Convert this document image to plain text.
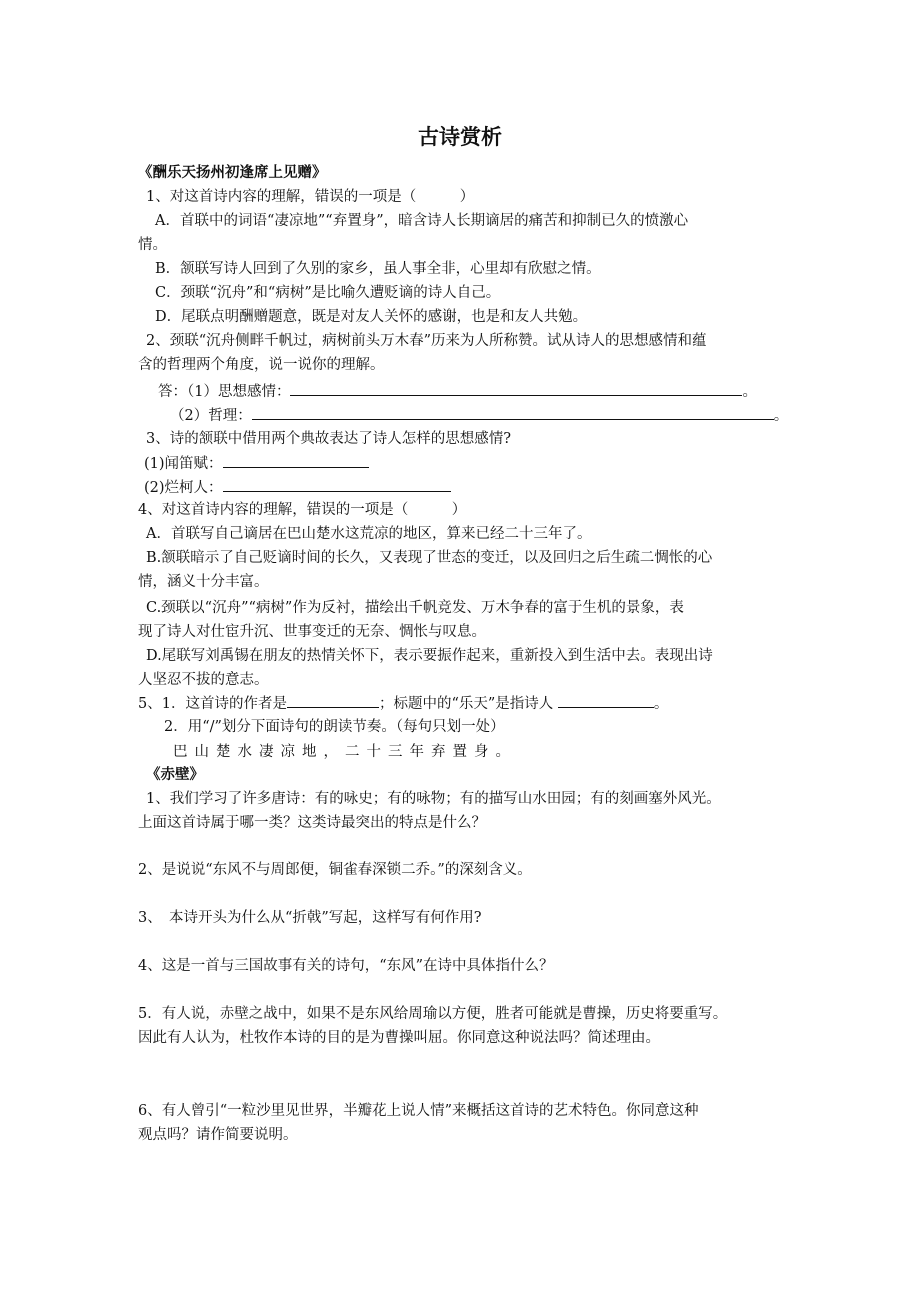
古诗赏析
《酬乐天扬州初逢席上见赠》
1、对这首诗内容的理解，错误的一项是（　　　）
A．首联中的词语“凄凉地”“弃置身”，暗含诗人长期谪居的痛苦和抑制已久的愤激心
情。
B．颔联写诗人回到了久别的家乡，虽人事全非，心里却有欣慰之情。
C．颈联“沉舟”和“病树”是比喻久遭贬谪的诗人自己。
D．尾联点明酬赠题意，既是对友人关怀的感谢，也是和友人共勉。
2、颈联“沉舟侧畔千帆过，病树前头万木春”历来为人所称赞。试从诗人的思想感情和蕴
含的哲理两个角度，说一说你的理解。
答：（1）思想感情：	。
（2）哲理：	。
3、诗的颔联中借用两个典故表达了诗人怎样的思想感情?
(1)闻笛赋：
(2)烂柯人：
4、对这首诗内容的理解，错误的一项是（　　　）
A．首联写自己谪居在巴山楚水这荒凉的地区，算来已经二十三年了。
B.颔联暗示了自己贬谪时间的长久，又表现了世态的变迁，以及回归之后生疏二惆怅的心
情，涵义十分丰富。
C.颈联以“沉舟”“病树”作为反衬，描绘出千帆竞发、万木争春的富于生机的景象，表
现了诗人对仕宦升沉、世事变迁的无奈、惆怅与叹息。
D.尾联写刘禹锡在朋友的热情关怀下，表示要振作起来，重新投入到生活中去。表现出诗
人坚忍不拔的意志。
5、1．这首诗的作者是	；标题中的“乐天”是指诗人	。
2．用“/”划分下面诗句的朗读节奏。（每句只划一处）
巴山楚水凄凉地，二十三年弃置身。
《赤壁》
1、我们学习了许多唐诗：有的咏史；有的咏物；有的描写山水田园；有的刻画塞外风光。
上面这首诗属于哪一类？这类诗最突出的特点是什么？
2、是说说“东风不与周郎便，铜雀春深锁二乔。”的深刻含义。
3、　本诗开头为什么从“折戟”写起，这样写有何作用?
4、这是一首与三国故事有关的诗句，“东风”在诗中具体指什么？
5．有人说，赤壁之战中，如果不是东风给周瑜以方便，胜者可能就是曹操，历史将要重写。
因此有人认为，杜牧作本诗的目的是为曹操叫屈。你同意这种说法吗？简述理由。
6、有人曾引“一粒沙里见世界，半瓣花上说人情”来概括这首诗的艺术特色。你同意这种
观点吗？请作简要说明。
